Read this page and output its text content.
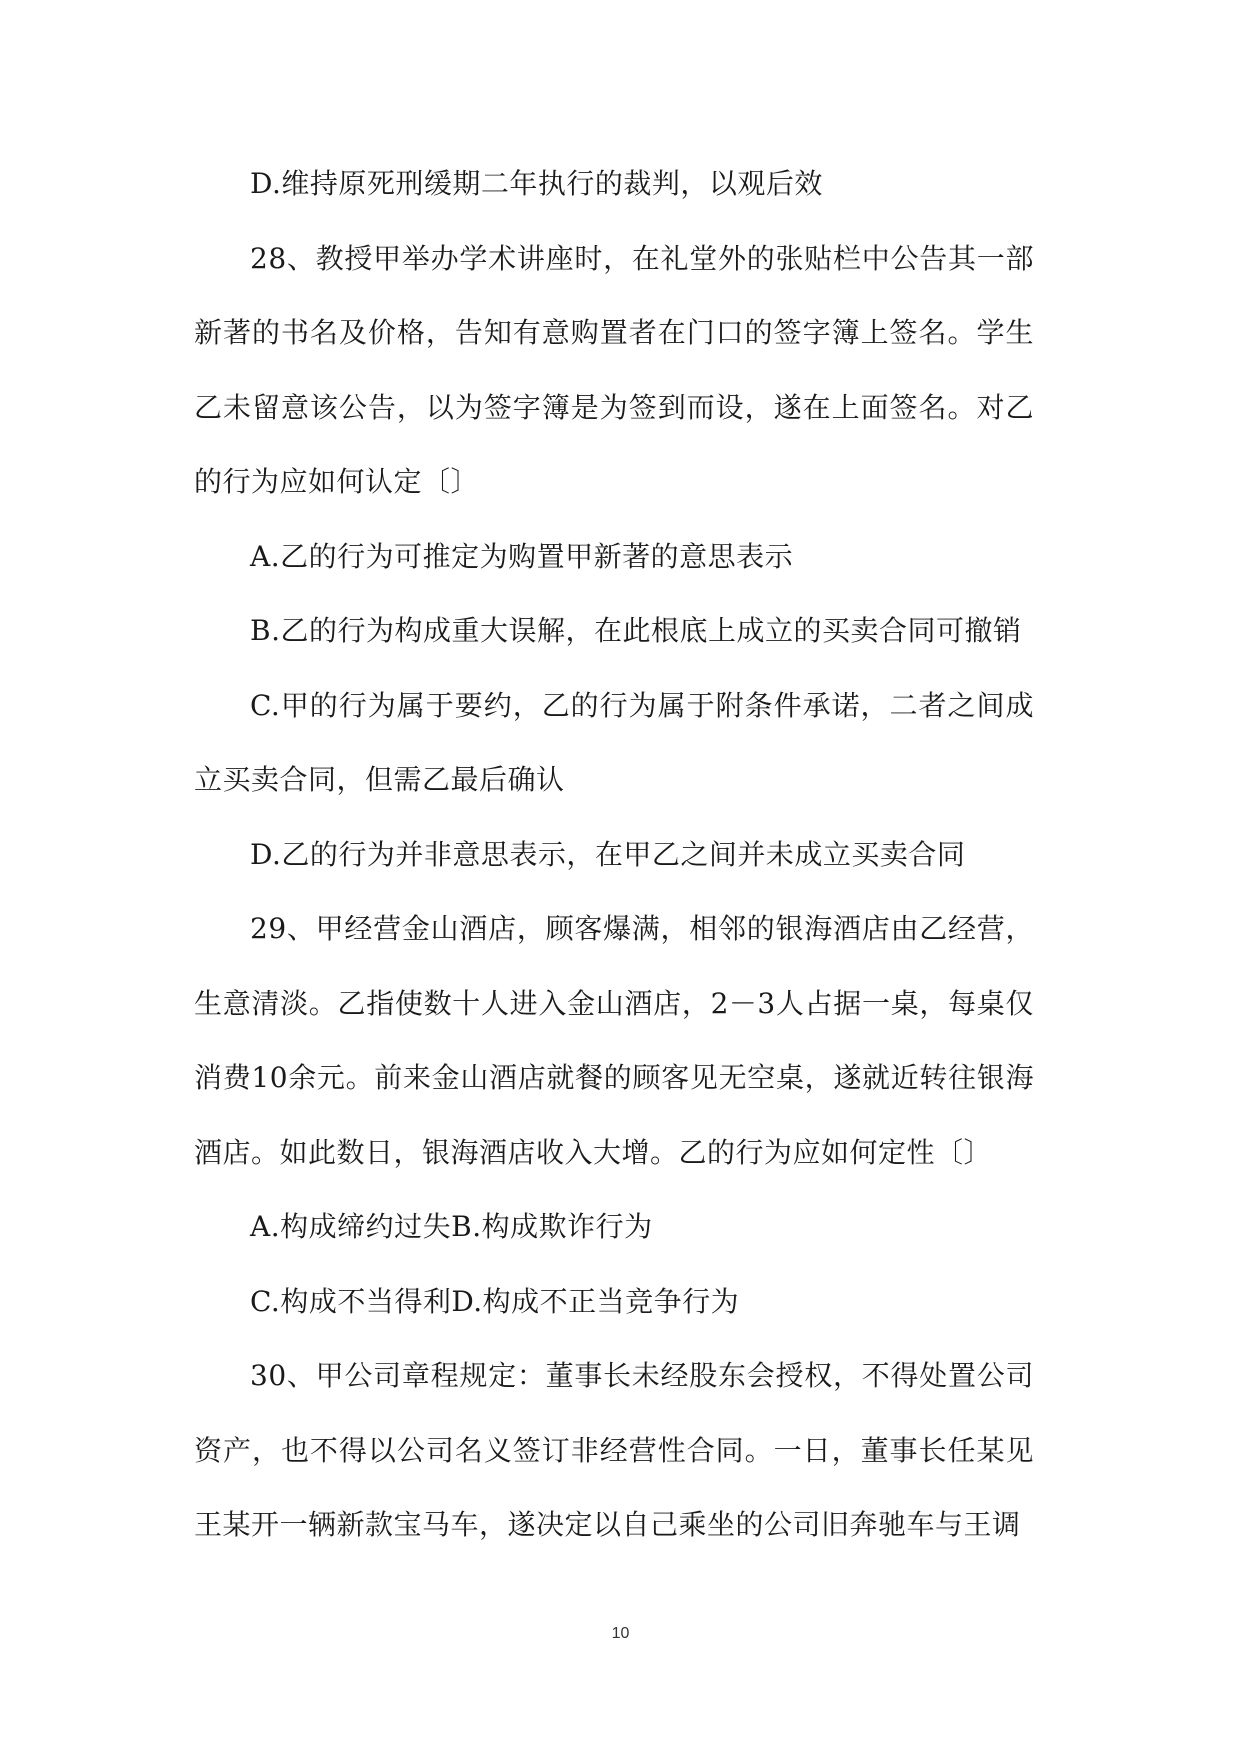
D.维持原死刑缓期二年执行的裁判，以观后效

28、教授甲举办学术讲座时，在礼堂外的张贴栏中公告其一部新著的书名及价格，告知有意购置者在门口的签字簿上签名。学生乙未留意该公告，以为签字簿是为签到而设，遂在上面签名。对乙的行为应如何认定〔〕

A.乙的行为可推定为购置甲新著的意思表示

B.乙的行为构成重大误解，在此根底上成立的买卖合同可撤销

C.甲的行为属于要约，乙的行为属于附条件承诺，二者之间成立买卖合同，但需乙最后确认

D.乙的行为并非意思表示，在甲乙之间并未成立买卖合同

29、甲经营金山酒店，顾客爆满，相邻的银海酒店由乙经营，生意清淡。乙指使数十人进入金山酒店，2－3人占据一桌，每桌仅消费10余元。前来金山酒店就餐的顾客见无空桌，遂就近转往银海酒店。如此数日，银海酒店收入大增。乙的行为应如何定性〔〕

A.构成缔约过失B.构成欺诈行为

C.构成不当得利D.构成不正当竞争行为

30、甲公司章程规定：董事长未经股东会授权，不得处置公司资产，也不得以公司名义签订非经营性合同。一日，董事长任某见王某开一辆新款宝马车，遂决定以自己乘坐的公司旧奔驰车与王调

10
